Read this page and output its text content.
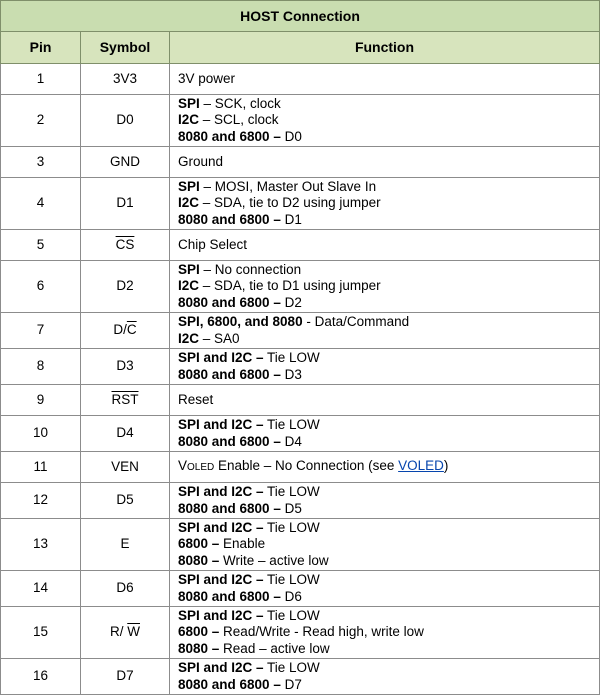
HOST Connection		
Pin	Symbol	Function
1	3V3	3V power

2	D0	SPI – SCK, clock
I2C – SCL, clock
8080 and 6800 – D0

3	GND	Ground

4	D1	SPI – MOSI, Master Out Slave In
I2C – SDA, tie to D2 using jumper
8080 and 6800 – D1

5	$\overline{CS}$	Chip Select

6	D2	SPI – No connection
I2C – SDA, tie to D1 using jumper
8080 and 6800 – D2

7	$D/\overline{C}$	SPI, 6800, and 8080 - Data/Command
I2C – SA0

8	D3	SPI and I2C – Tie LOW
8080 and 6800 – D3

9	$\overline{RST}$	Reset

10	D4	SPI and I2C – Tie LOW
8080 and 6800 – D4

11	VEN	VOLED Enable – No Connection (see VOLED)

12	D5	SPI and I2C – Tie LOW
8080 and 6800 – D5

13	E	SPI and I2C – Tie LOW
6800 – Enable
8080 – Write – active low

14	D6	SPI and I2C – Tie LOW
8080 and 6800 – D6

15	R/ $\overline{W}$	SPI and I2C – Tie LOW
6800 – Read/Write - Read high, write low
8080 – Read – active low

16	D7	SPI and I2C – Tie LOW
8080 and 6800 – D7
